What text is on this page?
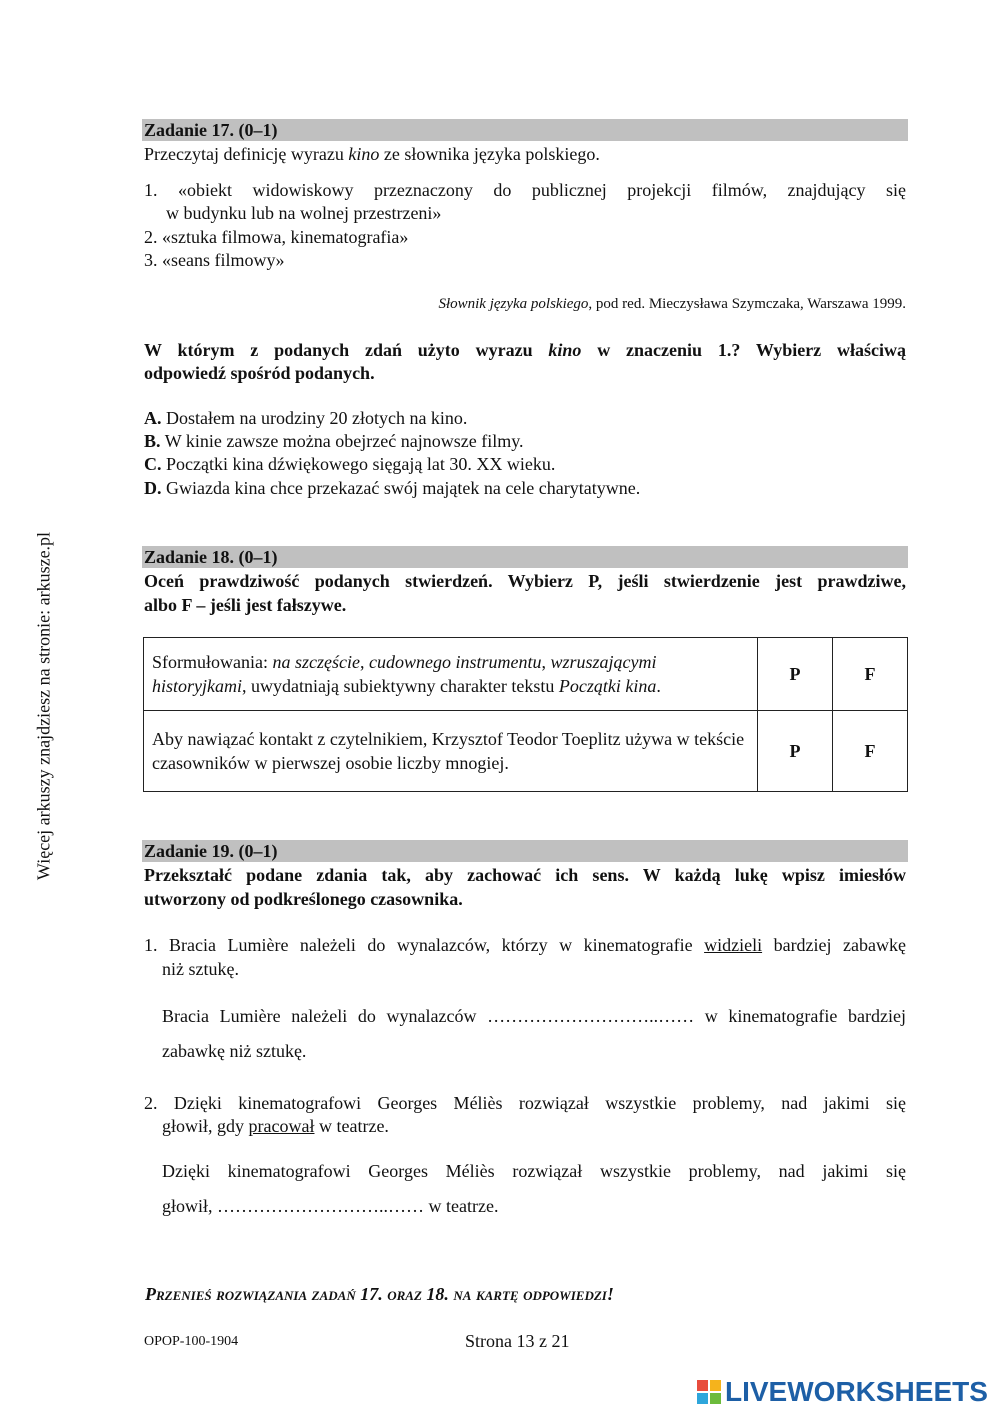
Więcej arkuszy znajdziesz na stronie: arkusze.pl
Zadanie 17. (0–1)
Przeczytaj definicję wyrazu kino ze słownika języka polskiego.
1. «obiekt widowiskowy przeznaczony do publicznej projekcji filmów, znajdujący się
w budynku lub na wolnej przestrzeni»
2. «sztuka filmowa, kinematografia»
3. «seans filmowy»
Słownik języka polskiego, pod red. Mieczysława Szymczaka, Warszawa 1999.
W którym z podanych zdań użyto wyrazu kino w znaczeniu 1.? Wybierz właściwą
odpowiedź spośród podanych.
A. Dostałem na urodziny 20 złotych na kino.
B. W kinie zawsze można obejrzeć najnowsze filmy.
C. Początki kina dźwiękowego sięgają lat 30. XX wieku.
D. Gwiazda kina chce przekazać swój majątek na cele charytatywne.
Zadanie 18. (0–1)
Oceń prawdziwość podanych stwierdzeń. Wybierz P, jeśli stwierdzenie jest prawdziwe,
albo F – jeśli jest fałszywe.
Sformułowania: na szczęście, cudownego instrumentu, wzruszającymi historyjkami, uwydatniają subiektywny charakter tekstu Początki kina.	P	F
Aby nawiązać kontakt z czytelnikiem, Krzysztof Teodor Toeplitz używa w tekście czasowników w pierwszej osobie liczby mnogiej.	P	F
Zadanie 19. (0–1)
Przekształć podane zdania tak, aby zachować ich sens. W każdą lukę wpisz imiesłów
utworzony od podkreślonego czasownika.
1. Bracia Lumière należeli do wynalazców, którzy w kinematografie widzieli bardziej zabawkę
niż sztukę.
Bracia Lumière należeli do wynalazców ………………………..…… w kinematografie bardziej
zabawkę niż sztukę.
2. Dzięki kinematografowi Georges Méliès rozwiązał wszystkie problemy, nad jakimi się
głowił, gdy pracował w teatrze.
Dzięki kinematografowi Georges Méliès rozwiązał wszystkie problemy, nad jakimi się
głowił, ………………………..…… w teatrze.
Przenieś rozwiązania zadań 17. oraz 18. na kartę odpowiedzi!
OPOP-100-1904	Strona 13 z 21
LIVEWORKSHEETS
